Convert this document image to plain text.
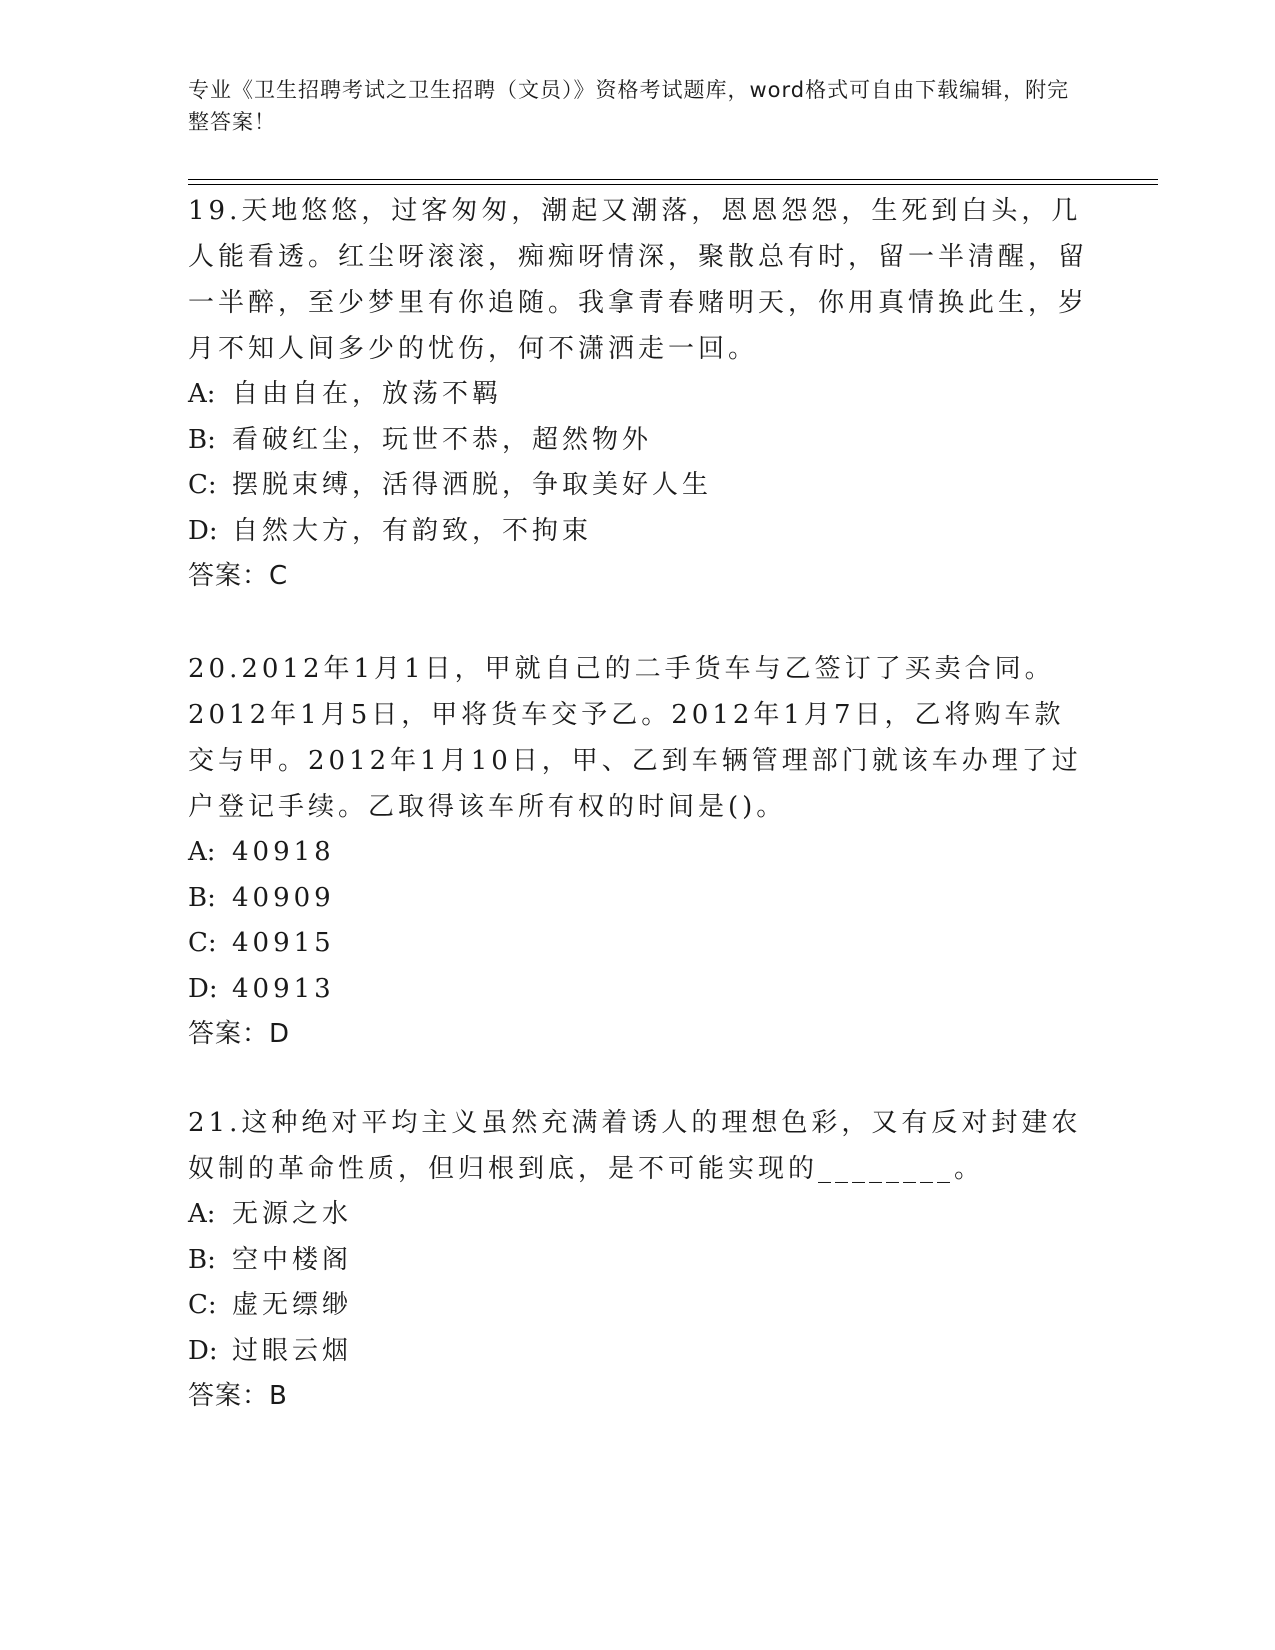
专业《卫生招聘考试之卫生招聘（文员）》资格考试题库，word格式可自由下载编辑，附完整答案！

19.天地悠悠，过客匆匆，潮起又潮落，恩恩怨怨，生死到白头，几人能看透。红尘呀滚滚，痴痴呀情深，聚散总有时，留一半清醒，留一半醉，至少梦里有你追随。我拿青春赌明天，你用真情换此生，岁月不知人间多少的忧伤，何不潇洒走一回。

A: 自由自在，放荡不羁

B: 看破红尘，玩世不恭，超然物外

C: 摆脱束缚，活得洒脱，争取美好人生

D: 自然大方，有韵致，不拘束

答案：C

20.2012年1月1日，甲就自己的二手货车与乙签订了买卖合同。2012年1月5日，甲将货车交予乙。2012年1月7日，乙将购车款交与甲。2012年1月10日，甲、乙到车辆管理部门就该车办理了过户登记手续。乙取得该车所有权的时间是()。

A: 40918

B: 40909

C: 40915

D: 40913

答案：D

21.这种绝对平均主义虽然充满着诱人的理想色彩，又有反对封建农奴制的革命性质，但归根到底，是不可能实现的________。

A: 无源之水

B: 空中楼阁

C: 虚无缥缈

D: 过眼云烟

答案：B
